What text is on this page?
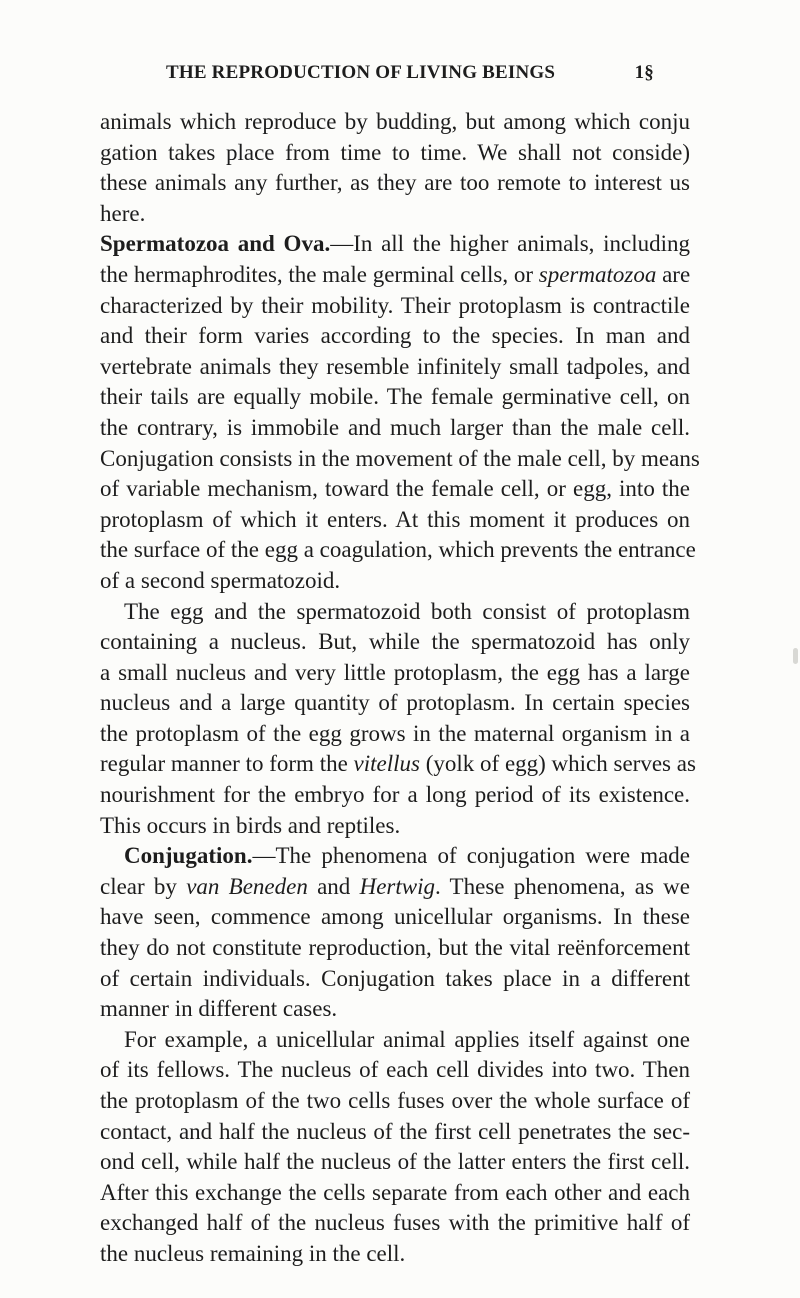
THE REPRODUCTION OF LIVING BEINGS	1§
animals which reproduce by budding, but among which conju
gation takes place from time to time. We shall not conside)
these animals any further, as they are too remote to interest us
here.
Spermatozoa and Ova.—In all the higher animals, including
the hermaphrodites, the male germinal cells, or spermatozoa are
characterized by their mobility. Their protoplasm is contractile
and their form varies according to the species. In man and
vertebrate animals they resemble infinitely small tadpoles, and
their tails are equally mobile. The female germinative cell, on
the contrary, is immobile and much larger than the male cell.
Conjugation consists in the movement of the male cell, by means
of variable mechanism, toward the female cell, or egg, into the
protoplasm of which it enters. At this moment it produces on
the surface of the egg a coagulation, which prevents the entrance
of a second spermatozoid.
The egg and the spermatozoid both consist of protoplasm
containing a nucleus. But, while the spermatozoid has only
a small nucleus and very little protoplasm, the egg has a large
nucleus and a large quantity of protoplasm. In certain species
the protoplasm of the egg grows in the maternal organism in a
regular manner to form the vitellus (yolk of egg) which serves as
nourishment for the embryo for a long period of its existence.
This occurs in birds and reptiles.
Conjugation.—The phenomena of conjugation were made
clear by van Beneden and Hertwig. These phenomena, as we
have seen, commence among unicellular organisms. In these
they do not constitute reproduction, but the vital reënforcement
of certain individuals. Conjugation takes place in a different
manner in different cases.
For example, a unicellular animal applies itself against one
of its fellows. The nucleus of each cell divides into two. Then
the protoplasm of the two cells fuses over the whole surface of
contact, and half the nucleus of the first cell penetrates the sec-
ond cell, while half the nucleus of the latter enters the first cell.
After this exchange the cells separate from each other and each
exchanged half of the nucleus fuses with the primitive half of
the nucleus remaining in the cell.
